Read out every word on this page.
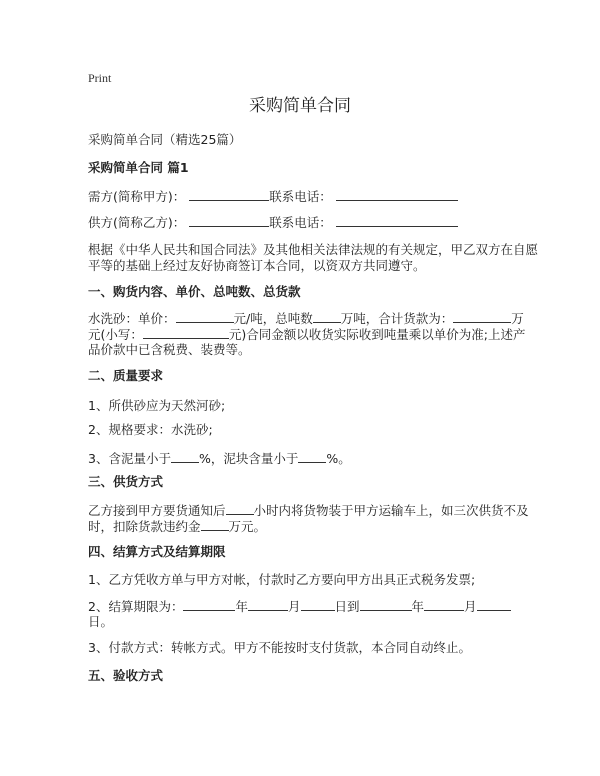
Print
采购简单合同
采购简单合同（精选25篇）
采购简单合同 篇1
需方(简称甲方)：	联系电话：
供方(简称乙方)：	联系电话：
根据《中华人民共和国合同法》及其他相关法律法规的有关规定，甲乙双方在自愿
平等的基础上经过友好协商签订本合同，以资双方共同遵守。
一、购货内容、单价、总吨数、总货款
水洗砂：单价：	元/吨，总吨数 万吨，合计货款为：	万
元(小写：	元)合同金额以收货实际收到吨量乘以单价为准;上述产
品价款中已含税费、装费等。
二、质量要求
1、所供砂应为天然河砂;
2、规格要求：水洗砂;
3、含泥量小于 %，泥块含量小于 %。
三、供货方式
乙方接到甲方要货通知后 小时内将货物装于甲方运输车上，如三次供货不及
时，扣除货款违约金 万元。
四、结算方式及结算期限
1、乙方凭收方单与甲方对帐，付款时乙方要向甲方出具正式税务发票;
2、结算期限为：	年	月	日到	年	月
日。
3、付款方式：转帐方式。甲方不能按时支付货款，本合同自动终止。
五、验收方式
